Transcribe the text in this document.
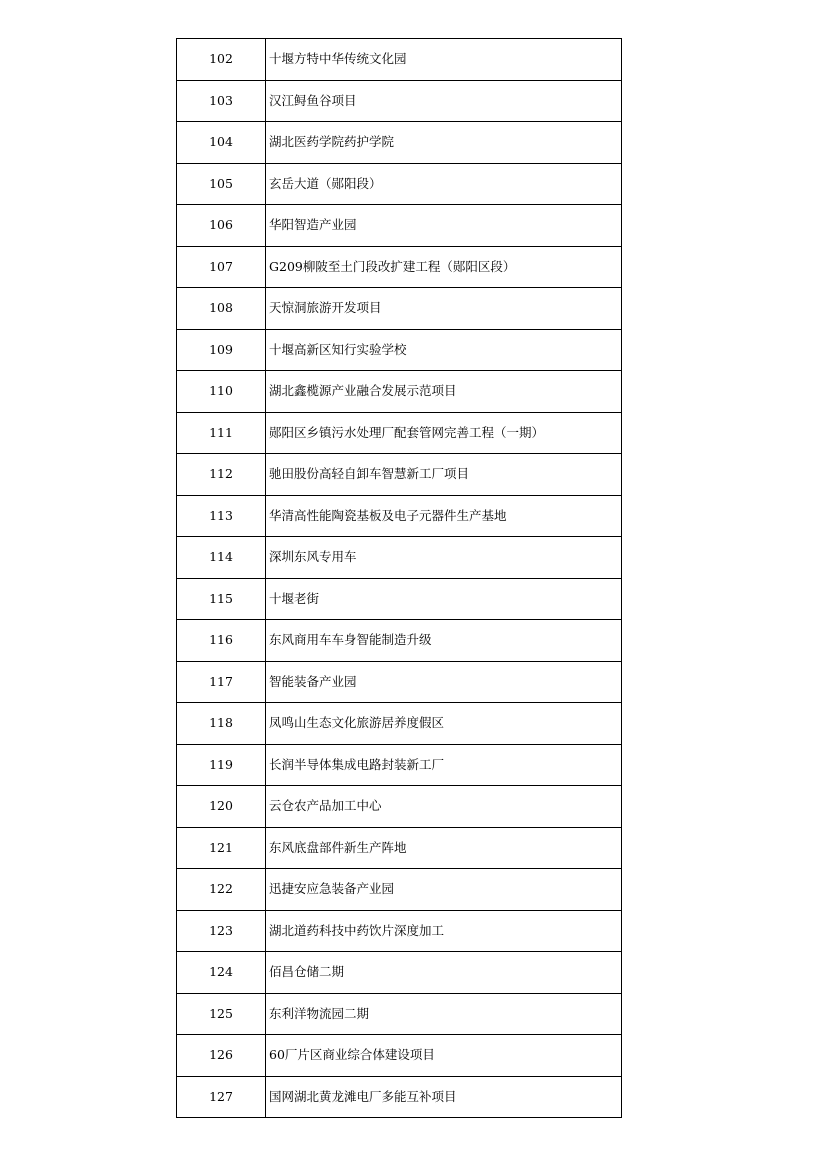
102	十堰方特中华传统文化园
103	汉江鲟鱼谷项目
104	湖北医药学院药护学院
105	玄岳大道（郧阳段）
106	华阳智造产业园
107	G209柳陂至土门段改扩建工程（郧阳区段）
108	天惊洞旅游开发项目
109	十堰高新区知行实验学校
110	湖北鑫榄源产业融合发展示范项目
111	郧阳区乡镇污水处理厂配套管网完善工程（一期）
112	驰田股份高轻自卸车智慧新工厂项目
113	华清高性能陶瓷基板及电子元器件生产基地
114	深圳东风专用车
115	十堰老街
116	东风商用车车身智能制造升级
117	智能装备产业园
118	凤鸣山生态文化旅游居养度假区
119	长润半导体集成电路封装新工厂
120	云仓农产品加工中心
121	东风底盘部件新生产阵地
122	迅捷安应急装备产业园
123	湖北道药科技中药饮片深度加工
124	佰昌仓储二期
125	东利洋物流园二期
126	60厂片区商业综合体建设项目
127	国网湖北黄龙滩电厂多能互补项目
